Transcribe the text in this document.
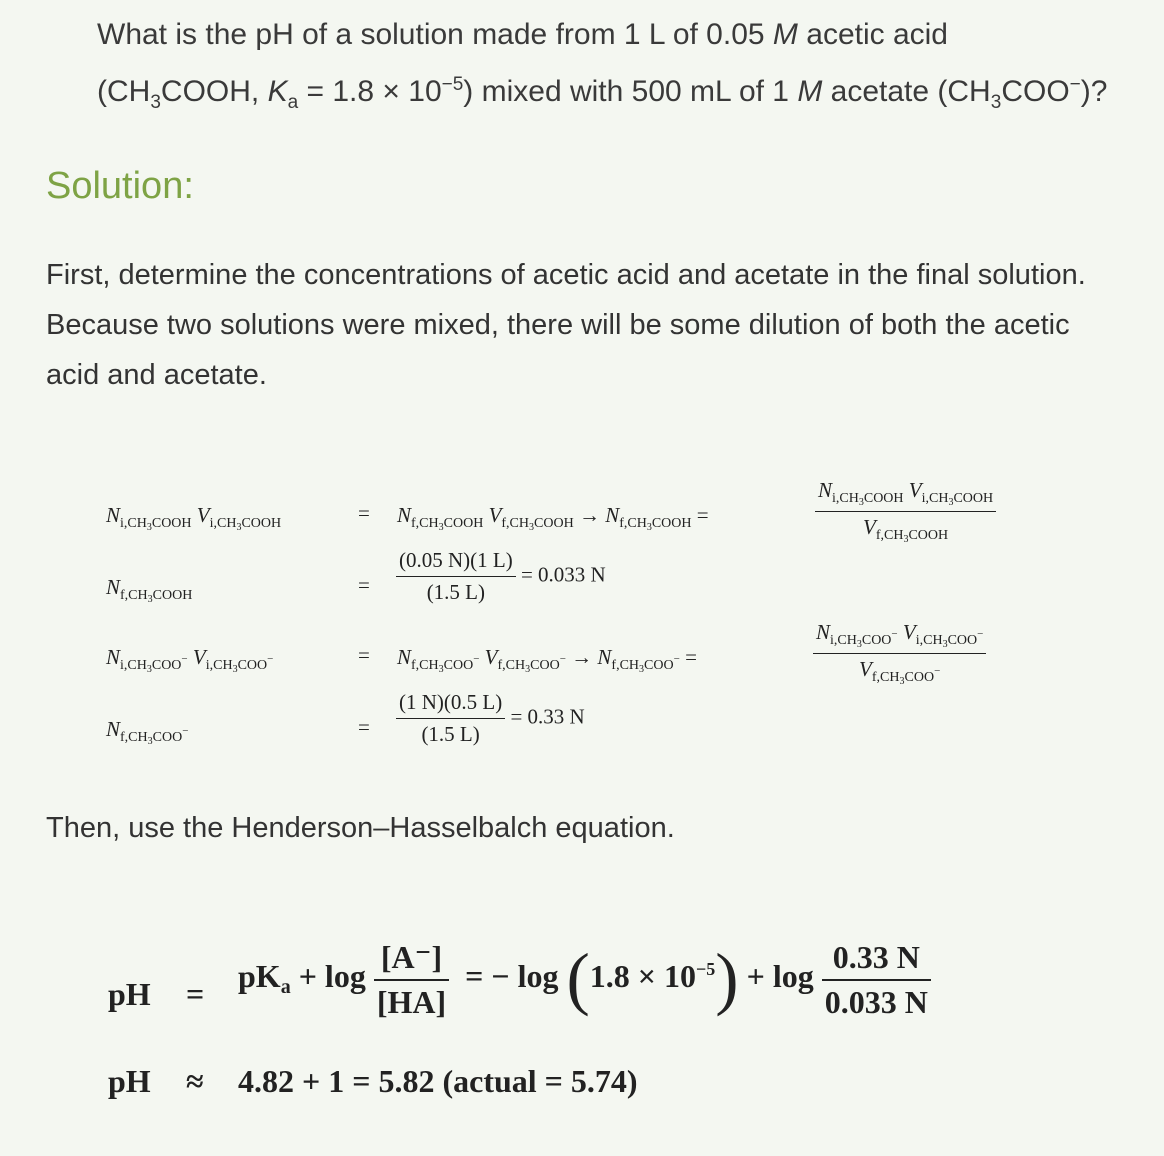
What is the pH of a solution made from 1 L of 0.05 M acetic acid
($CH_3COOH$, $K_a = 1.8 \times 10^{-5}$) mixed with 500 mL of 1 M acetate $(CH_3COO^-)$?
Solution:
First, determine the concentrations of acetic acid and acetate in the final solution. Because two solutions were mixed, there will be some dilution of both the acetic acid and acetate.
$N_{i,CH_3COOH}$ $V_{i,CH_3COOH}$	= $N_{f,CH_3COOH}$ $V_{f,CH_3COOH} \to N_{f,CH_3COOH}$ =	$\frac{N_{i,CH_3COOH} V_{i,CH_3COOH}}{V_{f,CH_3COOH}}$
$N_{f,CH_3COOH}$	= $\frac{(0.05 N)(1 L)}{(1.5 L)} = 0.033$ N
$N_{i,CH_3COO^-}$ $V_{i,CH_3COO^-}$	= $N_{f,CH_3COO^-}$ $V_{f,CH_3COO^-} \to N_{f,CH_3COO^-}$ =	$\frac{N_{i,CH_3COO^-} V_{i,CH_3COO^-}}{V_{f,CH_3COO^-}}$
$N_{f,CH_3COO^-}$	= $\frac{(1 N)(0.5 L)}{(1.5 L)} = 0.33$ N
Then, use the Henderson–Hasselbalch equation.
pH =
pKa + $\log \frac{[A^-]}{[HA]}$ = − $\log (1.8 \times 10^{-5}) + \log \frac{0.33 N}{0.033 N}$
pH ≈ 4.82 + 1 = 5.82 (actual = 5.74)
